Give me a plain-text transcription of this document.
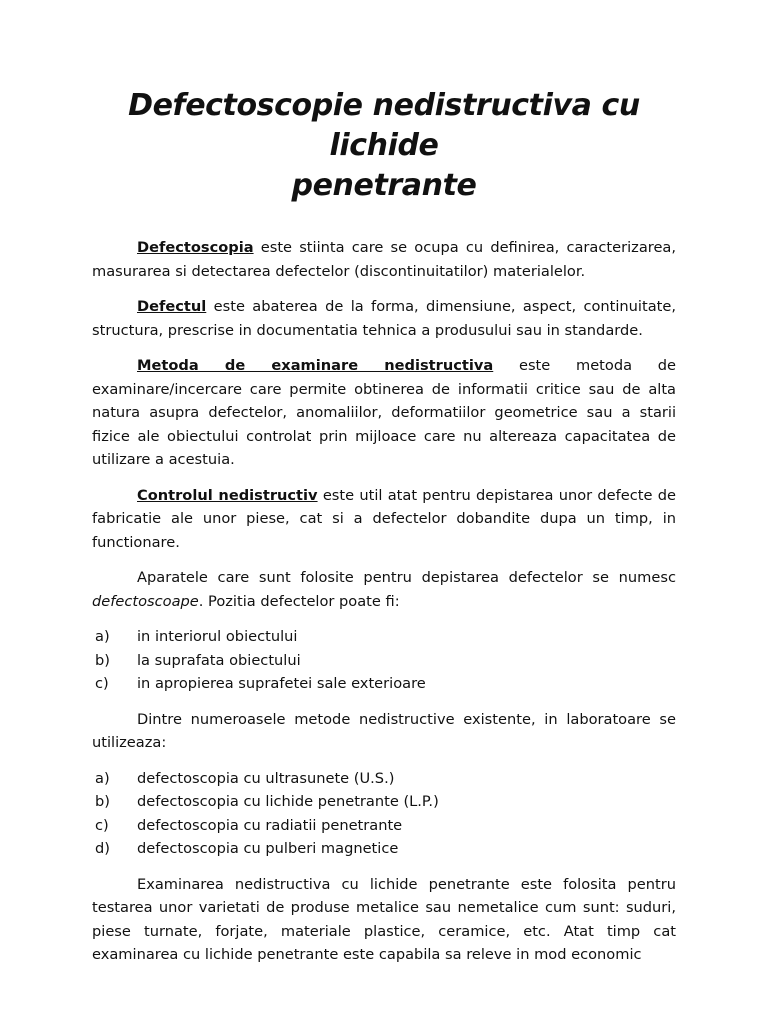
Defectoscopie nedistructiva cu lichide
penetrante

Defectoscopia este stiinta care se ocupa cu definirea, caracterizarea, masurarea si detectarea defectelor (discontinuitatilor) materialelor.

Defectul este abaterea de la forma, dimensiune, aspect, continuitate, structura, prescrise in documentatia tehnica a produsului sau in standarde.

Metoda de examinare nedistructiva este metoda de examinare/incercare care permite obtinerea de informatii critice sau de alta natura asupra defectelor, anomaliilor, deformatiilor geometrice sau a starii fizice ale obiectului controlat prin mijloace care nu altereaza capacitatea de utilizare a acestuia.

Controlul nedistructiv este util atat pentru depistarea unor defecte de fabricatie ale unor piese, cat si a defectelor dobandite dupa un timp, in functionare.

Aparatele care sunt folosite pentru depistarea defectelor se numesc defectoscoape. Pozitia defectelor poate fi:

a)	in interiorul obiectului
b)	la suprafata obiectului
c)	in apropierea suprafetei sale exterioare

Dintre numeroasele metode nedistructive existente, in laboratoare se utilizeaza:

a)	defectoscopia cu ultrasunete (U.S.)
b)	defectoscopia cu lichide penetrante (L.P.)
c)	defectoscopia cu radiatii penetrante
d)	defectoscopia cu pulberi magnetice

Examinarea nedistructiva cu lichide penetrante este folosita pentru testarea unor varietati de produse metalice sau nemetalice cum sunt: suduri, piese turnate, forjate, materiale plastice, ceramice, etc. Atat timp cat examinarea cu lichide penetrante este capabila sa releve in mod economic
